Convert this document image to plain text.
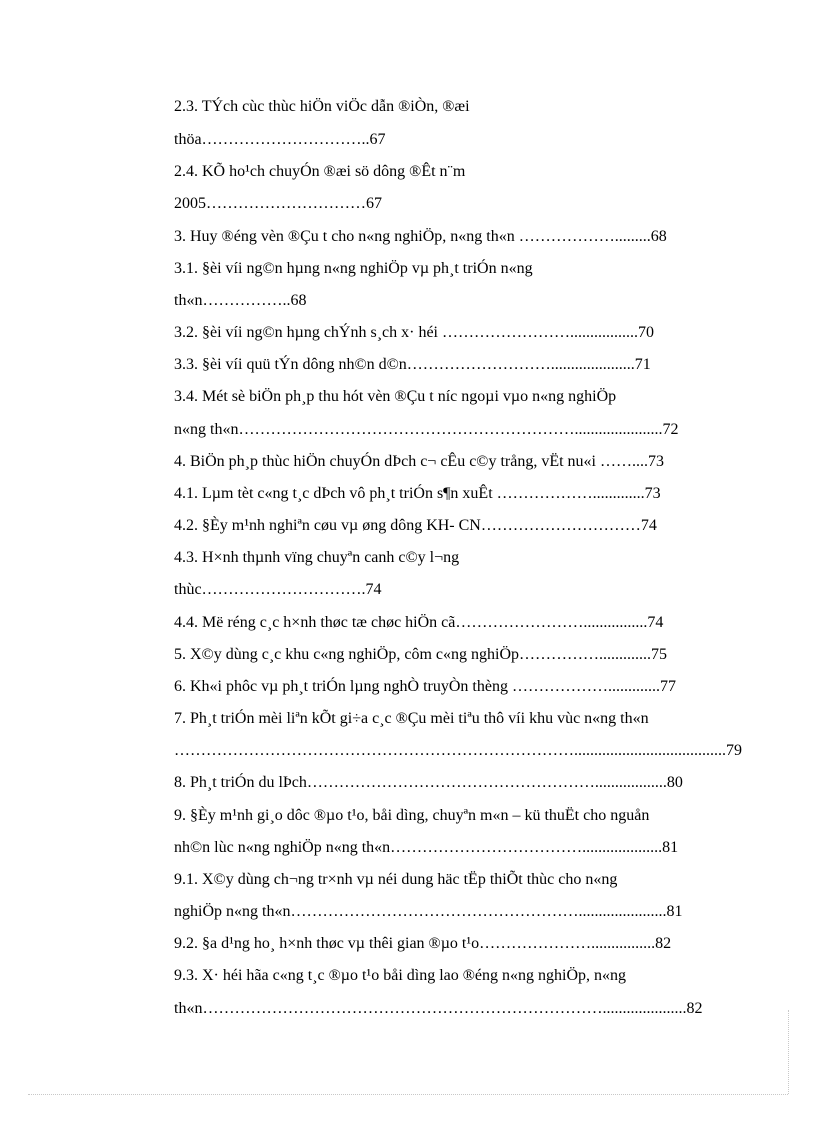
2.3. TÝch cùc thùc hiÖn viÖc dẫn ®iÒn, ®æi
thöa…………………………..67
2.4. KÕ ho¹ch chuyÓn ®æi sö dông ®Êt n¨m
2005…………………………67
3. Huy ®éng vèn ®Çu t cho n«ng nghiÖp, n«ng th«n ……………….........68
3.1. §èi víi ng©n hµng n«ng nghiÖp vµ ph¸t triÓn n«ng
th«n……………..68
3.2. §èi víi ng©n hµng chÝnh s¸ch x· héi …………………….................70
3.3. §èi víi quü tÝn dông nh©n d©n……………………….....................71
3.4. Mét sè biÖn ph¸p thu hót vèn ®Çu t níc ngoµi vµo n«ng nghiÖp
n«ng th«n………………………………………………………......................72
4. BiÖn ph¸p thùc hiÖn chuyÓn dÞch c¬ cÊu c©y trång, vËt nu«i ……....73
4.1. Lµm tèt c«ng t¸c dÞch vô ph¸t triÓn s¶n xuÊt ……………….............73
4.2. §Èy m¹nh nghiªn cøu vµ øng dông KH- CN…………………………74
4.3. H×nh thµnh vïng chuyªn canh c©y l¬ng
thùc………………………….74
4.4. Më réng c¸c h×nh thøc tæ chøc hiÖn cã……………………................74
5. X©y dùng c¸c khu c«ng nghiÖp, côm c«ng nghiÖp…………….............75
6. Kh«i phôc vµ ph¸t triÓn lµng nghÒ truyÒn thèng ……………….............77
7. Ph¸t triÓn mèi liªn kÕt gi÷a c¸c ®Çu mèi tiªu thô víi khu vùc n«ng th«n
…………………………………………………………………......................................79
8. Ph¸t triÓn du lÞch………………………………………………..................80
9. §Èy m¹nh gi¸o dôc ®µo t¹o, båi dìng, chuyªn m«n – kü thuËt cho nguån
nh©n lùc n«ng nghiÖp n«ng th«n………………………………....................81
9.1. X©y dùng ch¬ng tr×nh vµ néi dung häc tËp thiÕt thùc cho n«ng
nghiÖp n«ng th«n………………………………………………......................81
9.2. §a d¹ng ho¸ h×nh thøc vµ thêi gian ®µo t¹o…………………................82
9.3. X· héi hãa c«ng t¸c ®µo t¹o båi dìng lao ®éng n«ng nghiÖp, n«ng
th«n………………………………………………………………….....................82
